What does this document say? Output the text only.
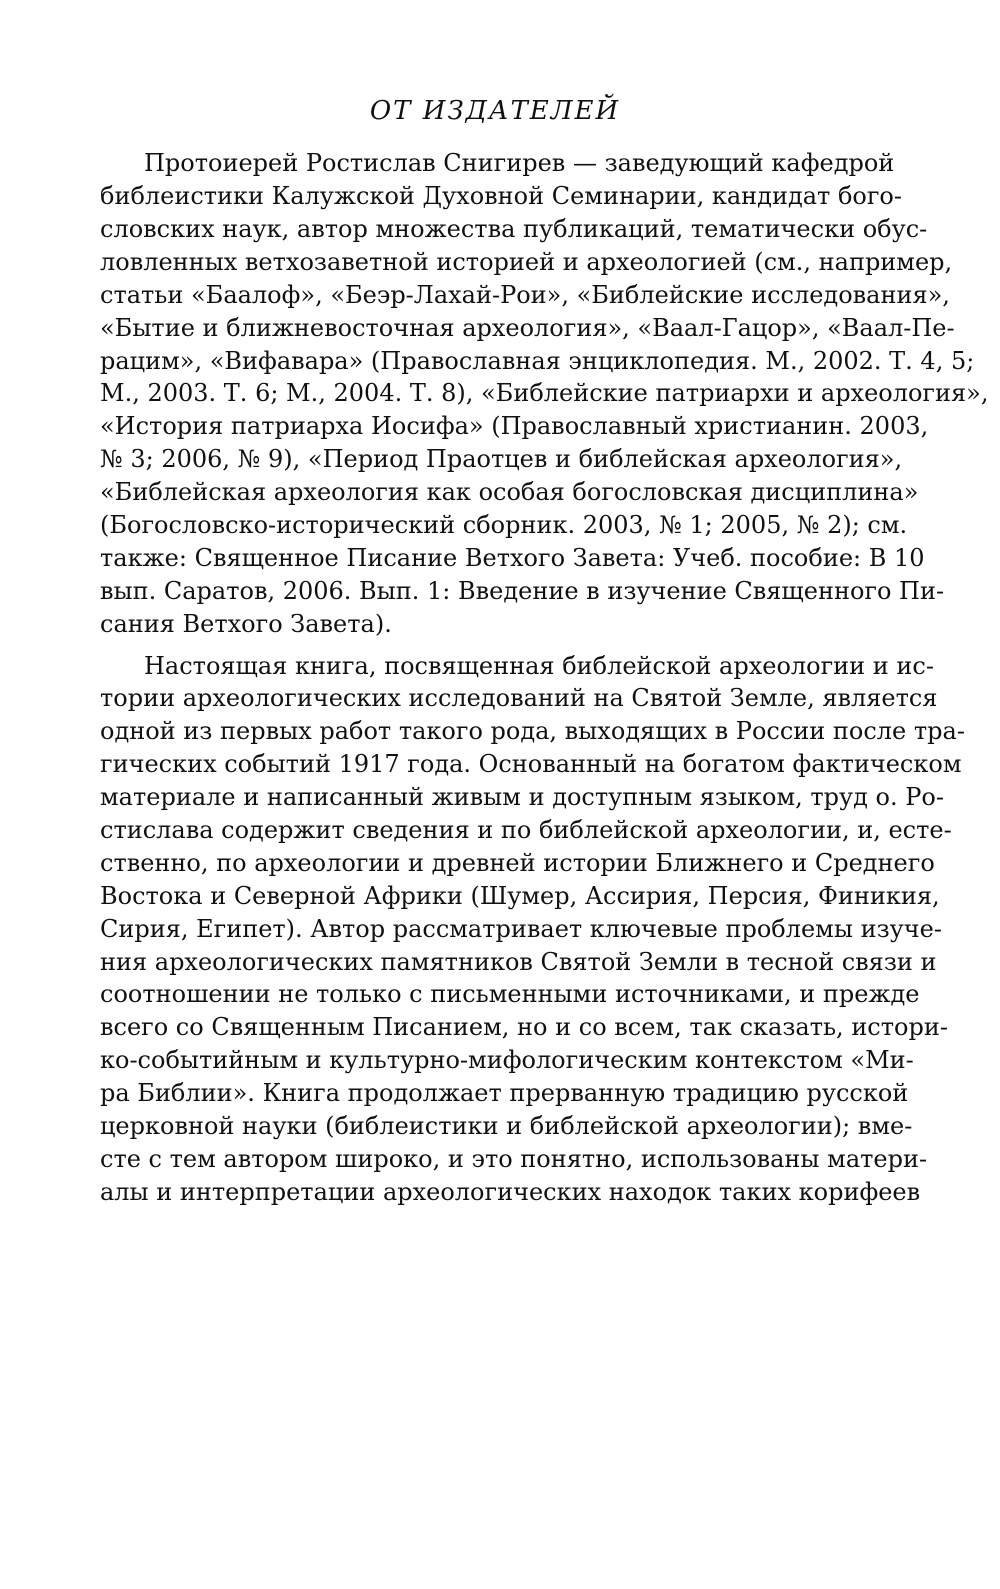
ОТ ИЗДАТЕЛЕЙ
Протоиерей Ростислав Снигирев — заведующий кафедрой
библеистики Калужской Духовной Семинарии, кандидат бого-
словских наук, автор множества публикаций, тематически обус-
ловленных ветхозаветной историей и археологией (см., например,
статьи «Баалоф», «Беэр-Лахай-Рои», «Библейские исследования»,
«Бытие и ближневосточная археология», «Ваал-Гацор», «Ваал-Пе-
рацим», «Вифавара» (Православная энциклопедия. М., 2002. Т. 4, 5;
М., 2003. Т. 6; М., 2004. Т. 8), «Библейские патриархи и археология»,
«История патриарха Иосифа» (Православный христианин. 2003,
№ 3; 2006, № 9), «Период Праотцев и библейская археология»,
«Библейская археология как особая богословская дисциплина»
(Богословско-исторический сборник. 2003, № 1; 2005, № 2); см.
также: Священное Писание Ветхого Завета: Учеб. пособие: В 10
вып. Саратов, 2006. Вып. 1: Введение в изучение Священного Пи-
сания Ветхого Завета).
Настоящая книга, посвященная библейской археологии и ис-
тории археологических исследований на Святой Земле, является
одной из первых работ такого рода, выходящих в России после тра-
гических событий 1917 года. Основанный на богатом фактическом
материале и написанный живым и доступным языком, труд о. Ро-
стислава содержит сведения и по библейской археологии, и, есте-
ственно, по археологии и древней истории Ближнего и Среднего
Востока и Северной Африки (Шумер, Ассирия, Персия, Финикия,
Сирия, Египет). Автор рассматривает ключевые проблемы изуче-
ния археологических памятников Святой Земли в тесной связи и
соотношении не только с письменными источниками, и прежде
всего со Священным Писанием, но и со всем, так сказать, истори-
ко-событийным и культурно-мифологическим контекстом «Ми-
ра Библии». Книга продолжает прерванную традицию русской
церковной науки (библеистики и библейской археологии); вме-
сте с тем автором широко, и это понятно, использованы матери-
алы и интерпретации археологических находок таких корифеев
